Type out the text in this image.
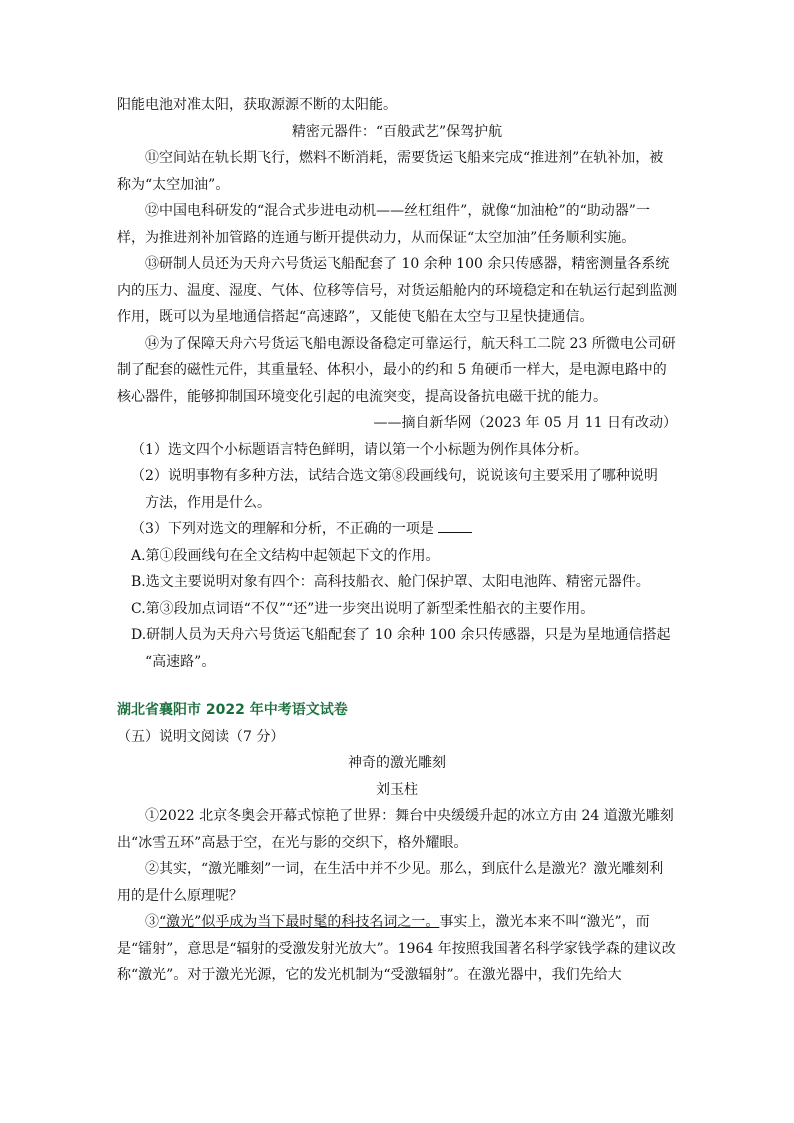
阳能电池对准太阳，获取源源不断的太阳能。

精密元器件：“百般武艺”保驾护航

⑪空间站在轨长期飞行，燃料不断消耗，需要货运飞船来完成“推进剂”在轨补加，被称为“太空加油”。

⑫中国电科研发的“混合式步进电动机——丝杠组件”，就像“加油枪”的“助动器”一样，为推进剂补加管路的连通与断开提供动力，从而保证“太空加油”任务顺利实施。

⑬研制人员还为天舟六号货运飞船配套了 10 余种 100 余只传感器，精密测量各系统内的压力、温度、湿度、气体、位移等信号，对货运船舱内的环境稳定和在轨运行起到监测作用，既可以为星地通信搭起“高速路”，又能使飞船在太空与卫星快捷通信。

⑭为了保障天舟六号货运飞船电源设备稳定可靠运行，航天科工二院 23 所微电公司研制了配套的磁性元件，其重量轻、体积小，最小的约和 5 角硬币一样大，是电源电路中的核心器件，能够抑制国环境变化引起的电流突变，提高设备抗电磁干扰的能力。

——摘自新华网（2023 年 05 月 11 日有改动）

（1）选文四个小标题语言特色鲜明，请以第一个小标题为例作具体分析。

（2）说明事物有多种方法，试结合选文第⑧段画线句，说说该句主要采用了哪种说明

方法，作用是什么。

（3）下列对选文的理解和分析，不正确的一项是

A.第①段画线句在全文结构中起领起下文的作用。

B.选文主要说明对象有四个：高科技船衣、舱门保护罩、太阳电池阵、精密元器件。

C.第③段加点词语“不仅”“还”进一步突出说明了新型柔性船衣的主要作用。

D.研制人员为天舟六号货运飞船配套了 10 余种 100 余只传感器，只是为星地通信搭起

“高速路”。

湖北省襄阳市 2022 年中考语文试卷

（五）说明文阅读（7 分）

神奇的激光雕刻

刘玉柱

①2022 北京冬奥会开幕式惊艳了世界：舞台中央缓缓升起的冰立方由 24 道激光雕刻出“冰雪五环”高悬于空，在光与影的交织下，格外耀眼。

②其实，“激光雕刻”一词，在生活中并不少见。那么，到底什么是激光？激光雕刻利用的是什么原理呢？

③“激光”似乎成为当下最时髦的科技名词之一。事实上，激光本来不叫“激光”，而是“镭射”，意思是“辐射的受激发射光放大”。1964 年按照我国著名科学家钱学森的建议改称“激光”。对于激光光源，它的发光机制为“受激辐射”。在激光器中，我们先给大
